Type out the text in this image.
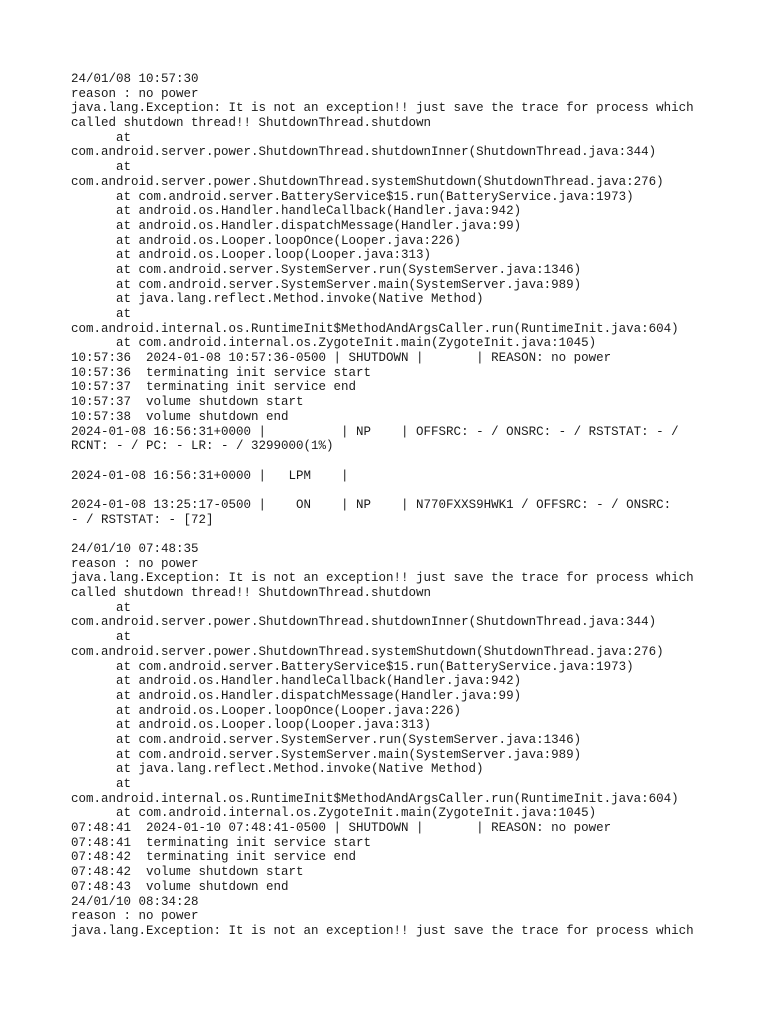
24/01/08 10:57:30
reason : no power
java.lang.Exception: It is not an exception!! just save the trace for process which
called shutdown thread!! ShutdownThread.shutdown
at
com.android.server.power.ShutdownThread.shutdownInner(ShutdownThread.java:344)
at
com.android.server.power.ShutdownThread.systemShutdown(ShutdownThread.java:276)
at com.android.server.BatteryService$15.run(BatteryService.java:1973)
at android.os.Handler.handleCallback(Handler.java:942)
at android.os.Handler.dispatchMessage(Handler.java:99)
at android.os.Looper.loopOnce(Looper.java:226)
at android.os.Looper.loop(Looper.java:313)
at com.android.server.SystemServer.run(SystemServer.java:1346)
at com.android.server.SystemServer.main(SystemServer.java:989)
at java.lang.reflect.Method.invoke(Native Method)
at
com.android.internal.os.RuntimeInit$MethodAndArgsCaller.run(RuntimeInit.java:604)
at com.android.internal.os.ZygoteInit.main(ZygoteInit.java:1045)
10:57:36  2024-01-08 10:57:36-0500 | SHUTDOWN |       | REASON: no power
10:57:36  terminating init service start
10:57:37  terminating init service end
10:57:37  volume shutdown start
10:57:38  volume shutdown end
2024-01-08 16:56:31+0000 |          | NP    | OFFSRC: - / ONSRC: - / RSTSTAT: - /
RCNT: - / PC: - LR: - / 3299000(1%)
2024-01-08 16:56:31+0000 |   LPM    |
2024-01-08 13:25:17-0500 |    ON    | NP    | N770FXXS9HWK1 / OFFSRC: - / ONSRC:
- / RSTSTAT: - [72]
24/01/10 07:48:35
reason : no power
java.lang.Exception: It is not an exception!! just save the trace for process which
called shutdown thread!! ShutdownThread.shutdown
at
com.android.server.power.ShutdownThread.shutdownInner(ShutdownThread.java:344)
at
com.android.server.power.ShutdownThread.systemShutdown(ShutdownThread.java:276)
at com.android.server.BatteryService$15.run(BatteryService.java:1973)
at android.os.Handler.handleCallback(Handler.java:942)
at android.os.Handler.dispatchMessage(Handler.java:99)
at android.os.Looper.loopOnce(Looper.java:226)
at android.os.Looper.loop(Looper.java:313)
at com.android.server.SystemServer.run(SystemServer.java:1346)
at com.android.server.SystemServer.main(SystemServer.java:989)
at java.lang.reflect.Method.invoke(Native Method)
at
com.android.internal.os.RuntimeInit$MethodAndArgsCaller.run(RuntimeInit.java:604)
at com.android.internal.os.ZygoteInit.main(ZygoteInit.java:1045)
07:48:41  2024-01-10 07:48:41-0500 | SHUTDOWN |       | REASON: no power
07:48:41  terminating init service start
07:48:42  terminating init service end
07:48:42  volume shutdown start
07:48:43  volume shutdown end
24/01/10 08:34:28
reason : no power
java.lang.Exception: It is not an exception!! just save the trace for process which
